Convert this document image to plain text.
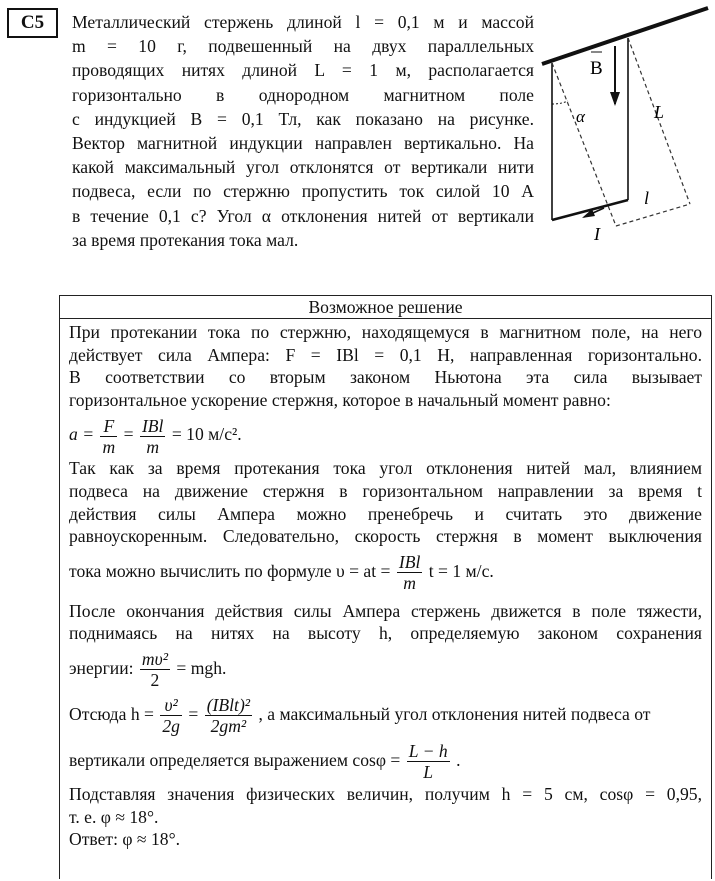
С5	Металлический стержень длиной l = 0,1 м и массой
m = 10 г, подвешенный на двух параллельных
проводящих нитях длиной L = 1 м, располагается
горизонтально в однородном магнитном поле
с индукцией B = 0,1 Тл, как показано на рисунке.
Вектор магнитной индукции направлен вертикально. На
какой максимальный угол отклонятся от вертикали нити
подвеса, если по стержню пропустить ток силой 10 А
в течение 0,1 с? Угол α отклонения нитей от вертикали
за время протекания тока мал.
B
α	L
l
I
Возможное решение
При протекании тока по стержню, находящемуся в магнитном поле, на него
действует сила Ампера: F = IBl = 0,1 Н, направленная горизонтально.
В соответствии со вторым законом Ньютона эта сила вызывает
горизонтальное ускорение стержня, которое в начальный момент равно:
$a = \frac{F}{m} = \frac{\text{IBl}}{m} = 10$ м/с².
Так как за время протекания тока угол отклонения нитей мал, влиянием
подвеса на движение стержня в горизонтальном направлении за время t
действия силы Ампера можно пренебречь и считать это движение
равноускоренным. Следовательно, скорость стержня в момент выключения
тока можно вычислить по формуле υ = at = $\frac{\text{IBl}}{m}$ t = 1 м/с.
После окончания действия силы Ампера стержень движется в поле тяжести,
поднимаясь на нитях на высоту h, определяемую законом сохранения
энергии: $\frac{\text{mυ²}}{2}$ = mgh.
Отсюда $h = \frac{\text{υ²}}{2g} = \frac{\text{(IBlt)²}}{\text{2gm²}}$ , а максимальный угол отклонения нитей подвеса от
вертикали определяется выражением $\cos\varphi = \frac{L - h}{L}$ .
Подставляя значения физических величин, получим h = 5 см, cosφ = 0,95,
т. е. φ ≈ 18°.
Ответ: φ ≈ 18°.
